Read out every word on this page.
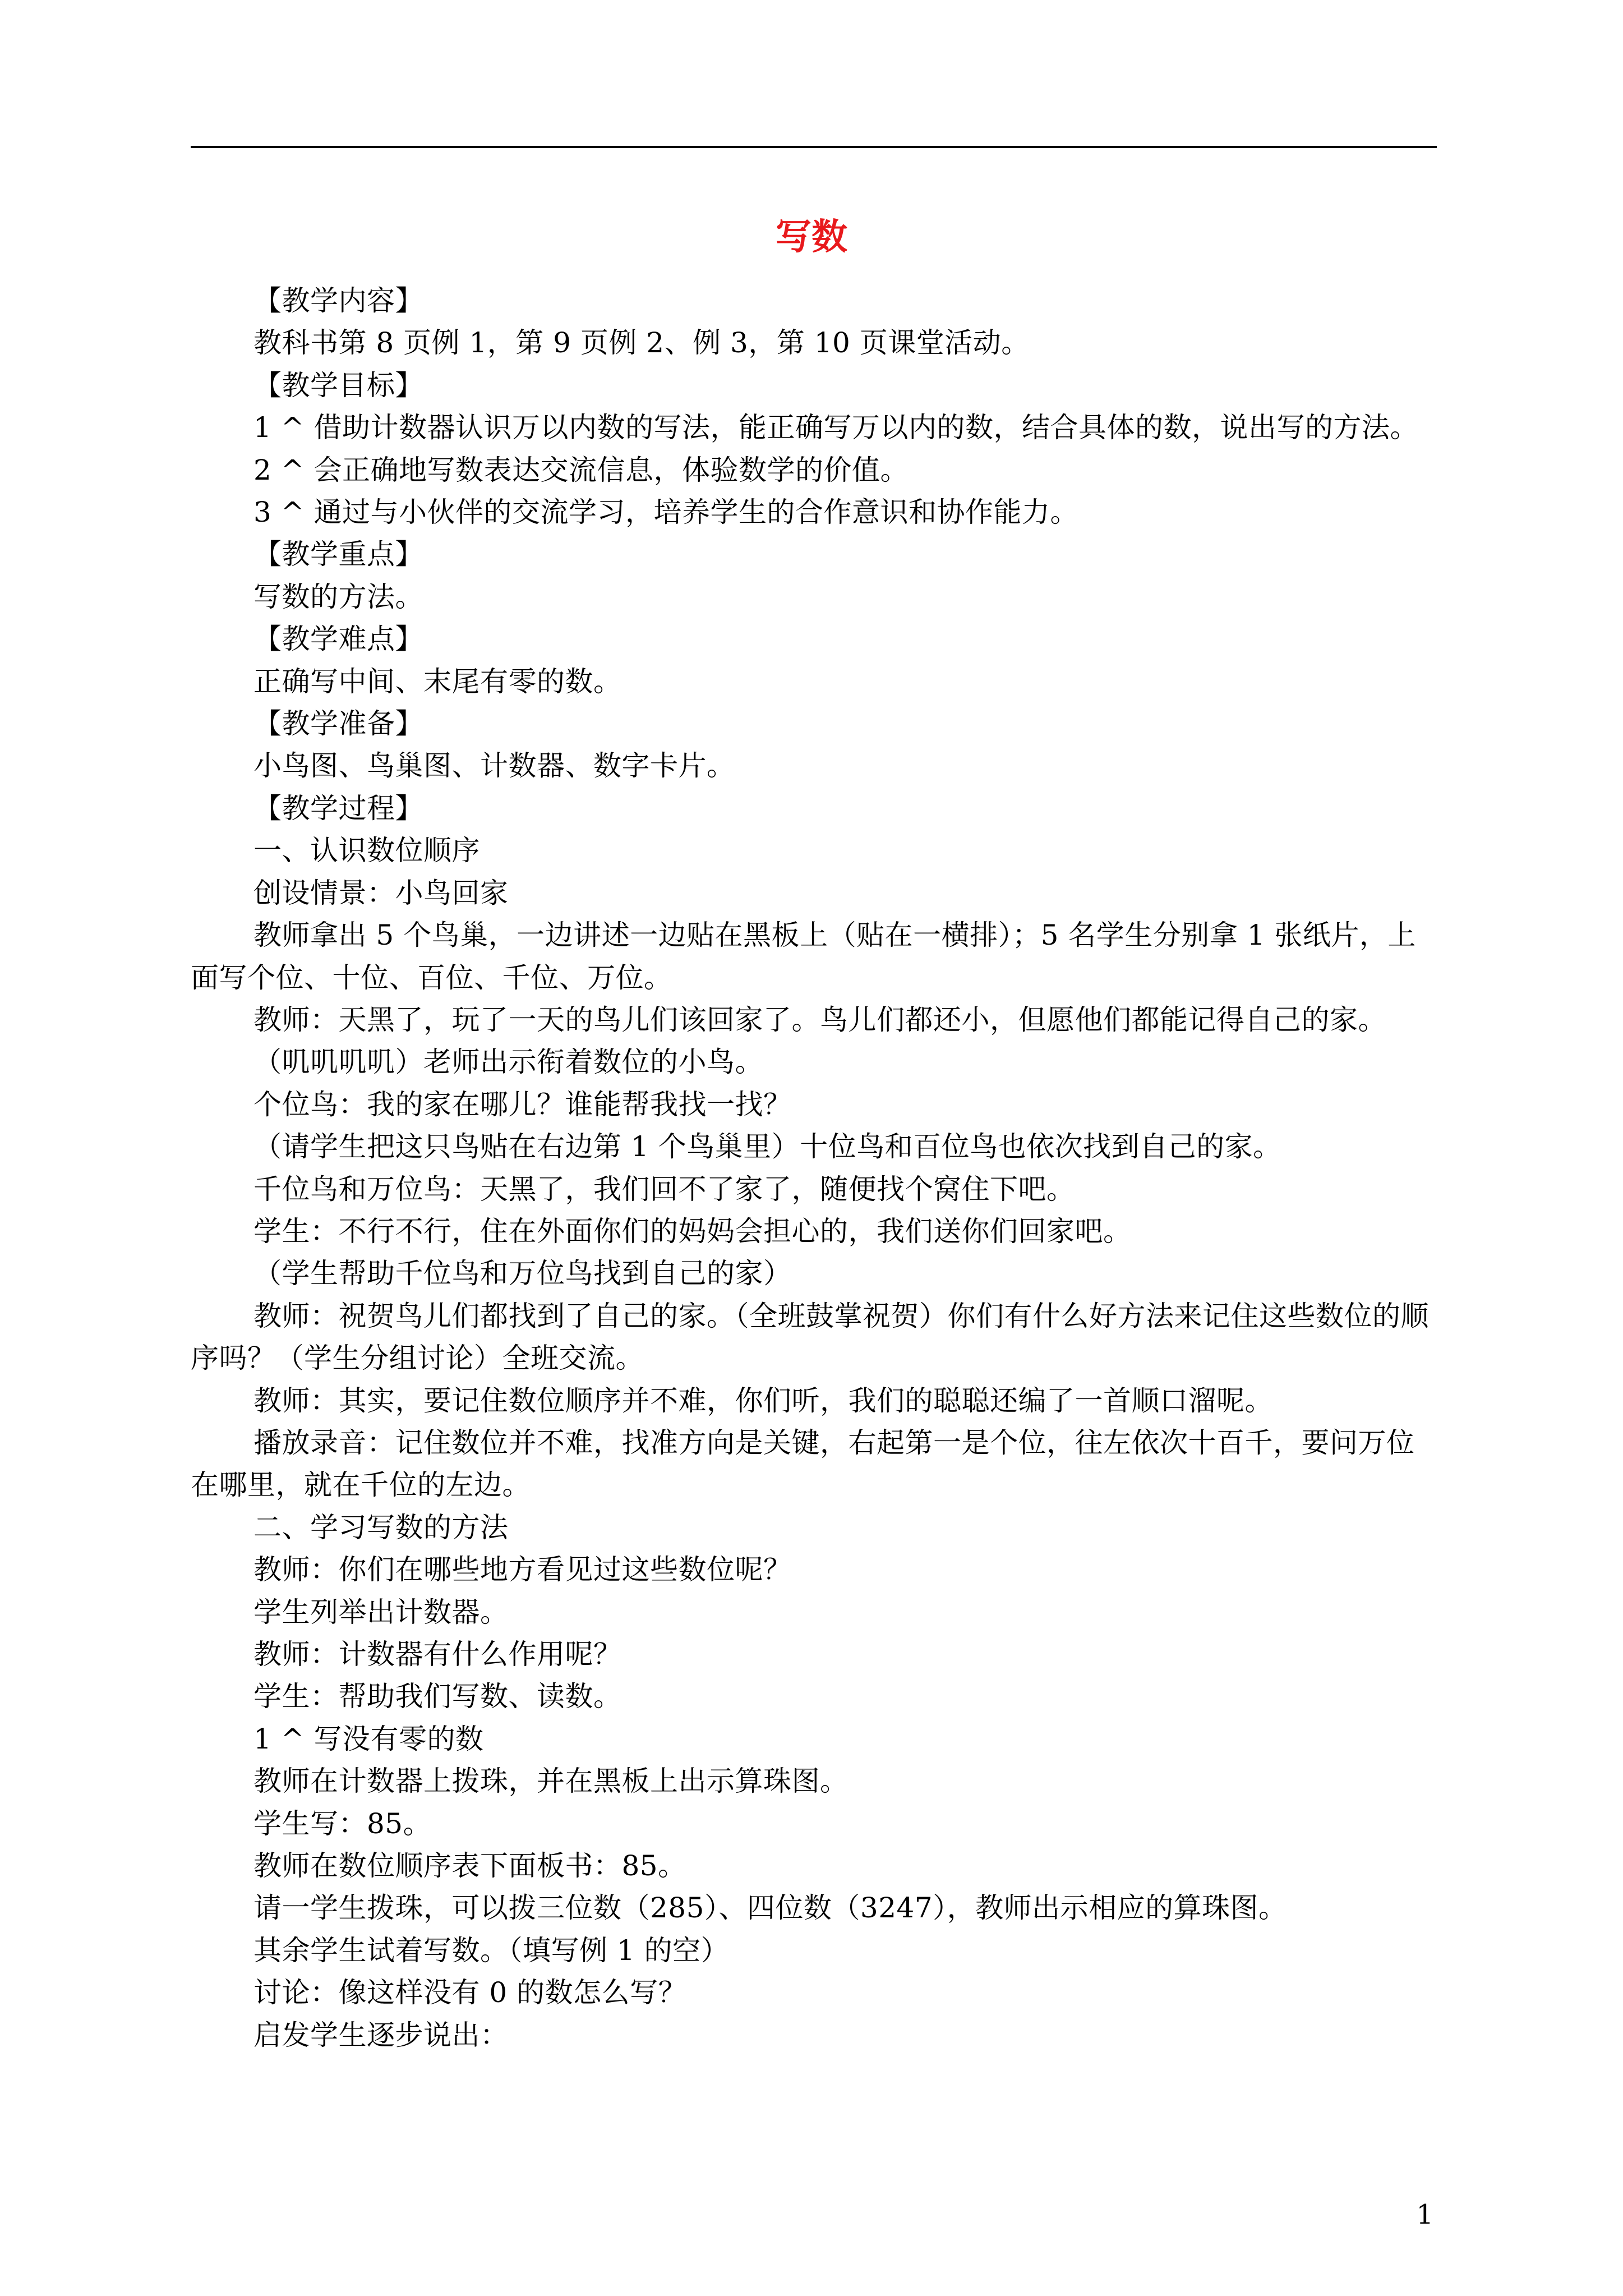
写数

【教学内容】

教科书第 8 页例 1，第 9 页例 2、例 3，第 10 页课堂活动。

【教学目标】

1 ^ 借助计数器认识万以内数的写法，能正确写万以内的数，结合具体的数，说出写的方法。

2 ^ 会正确地写数表达交流信息，体验数学的价值。

3 ^ 通过与小伙伴的交流学习，培养学生的合作意识和协作能力。

【教学重点】

写数的方法。

【教学难点】

正确写中间、末尾有零的数。

【教学准备】

小鸟图、鸟巢图、计数器、数字卡片。

【教学过程】

一、认识数位顺序

创设情景：小鸟回家

教师拿出 5 个鸟巢，一边讲述一边贴在黑板上（贴在一横排）；5 名学生分别拿 1 张纸片，上面写个位、十位、百位、千位、万位。

教师：天黑了，玩了一天的鸟儿们该回家了。鸟儿们都还小，但愿他们都能记得自己的家。

（叽叽叽叽）老师出示衔着数位的小鸟。

个位鸟：我的家在哪儿？谁能帮我找一找？

（请学生把这只鸟贴在右边第 1 个鸟巢里）十位鸟和百位鸟也依次找到自己的家。

千位鸟和万位鸟：天黑了，我们回不了家了，随便找个窝住下吧。

学生：不行不行，住在外面你们的妈妈会担心的，我们送你们回家吧。

（学生帮助千位鸟和万位鸟找到自己的家）

教师：祝贺鸟儿们都找到了自己的家。（全班鼓掌祝贺）你们有什么好方法来记住这些数位的顺序吗？（学生分组讨论）全班交流。

教师：其实，要记住数位顺序并不难，你们听，我们的聪聪还编了一首顺口溜呢。

播放录音：记住数位并不难，找准方向是关键，右起第一是个位，往左依次十百千，要问万位在哪里，就在千位的左边。

二、学习写数的方法

教师：你们在哪些地方看见过这些数位呢？

学生列举出计数器。

教师：计数器有什么作用呢？

学生：帮助我们写数、读数。

1 ^ 写没有零的数

教师在计数器上拨珠，并在黑板上出示算珠图。

学生写：85。

教师在数位顺序表下面板书：85。

请一学生拨珠，可以拨三位数（285）、四位数（3247），教师出示相应的算珠图。

其余学生试着写数。（填写例 1 的空）

讨论：像这样没有 0 的数怎么写？

启发学生逐步说出：

1
